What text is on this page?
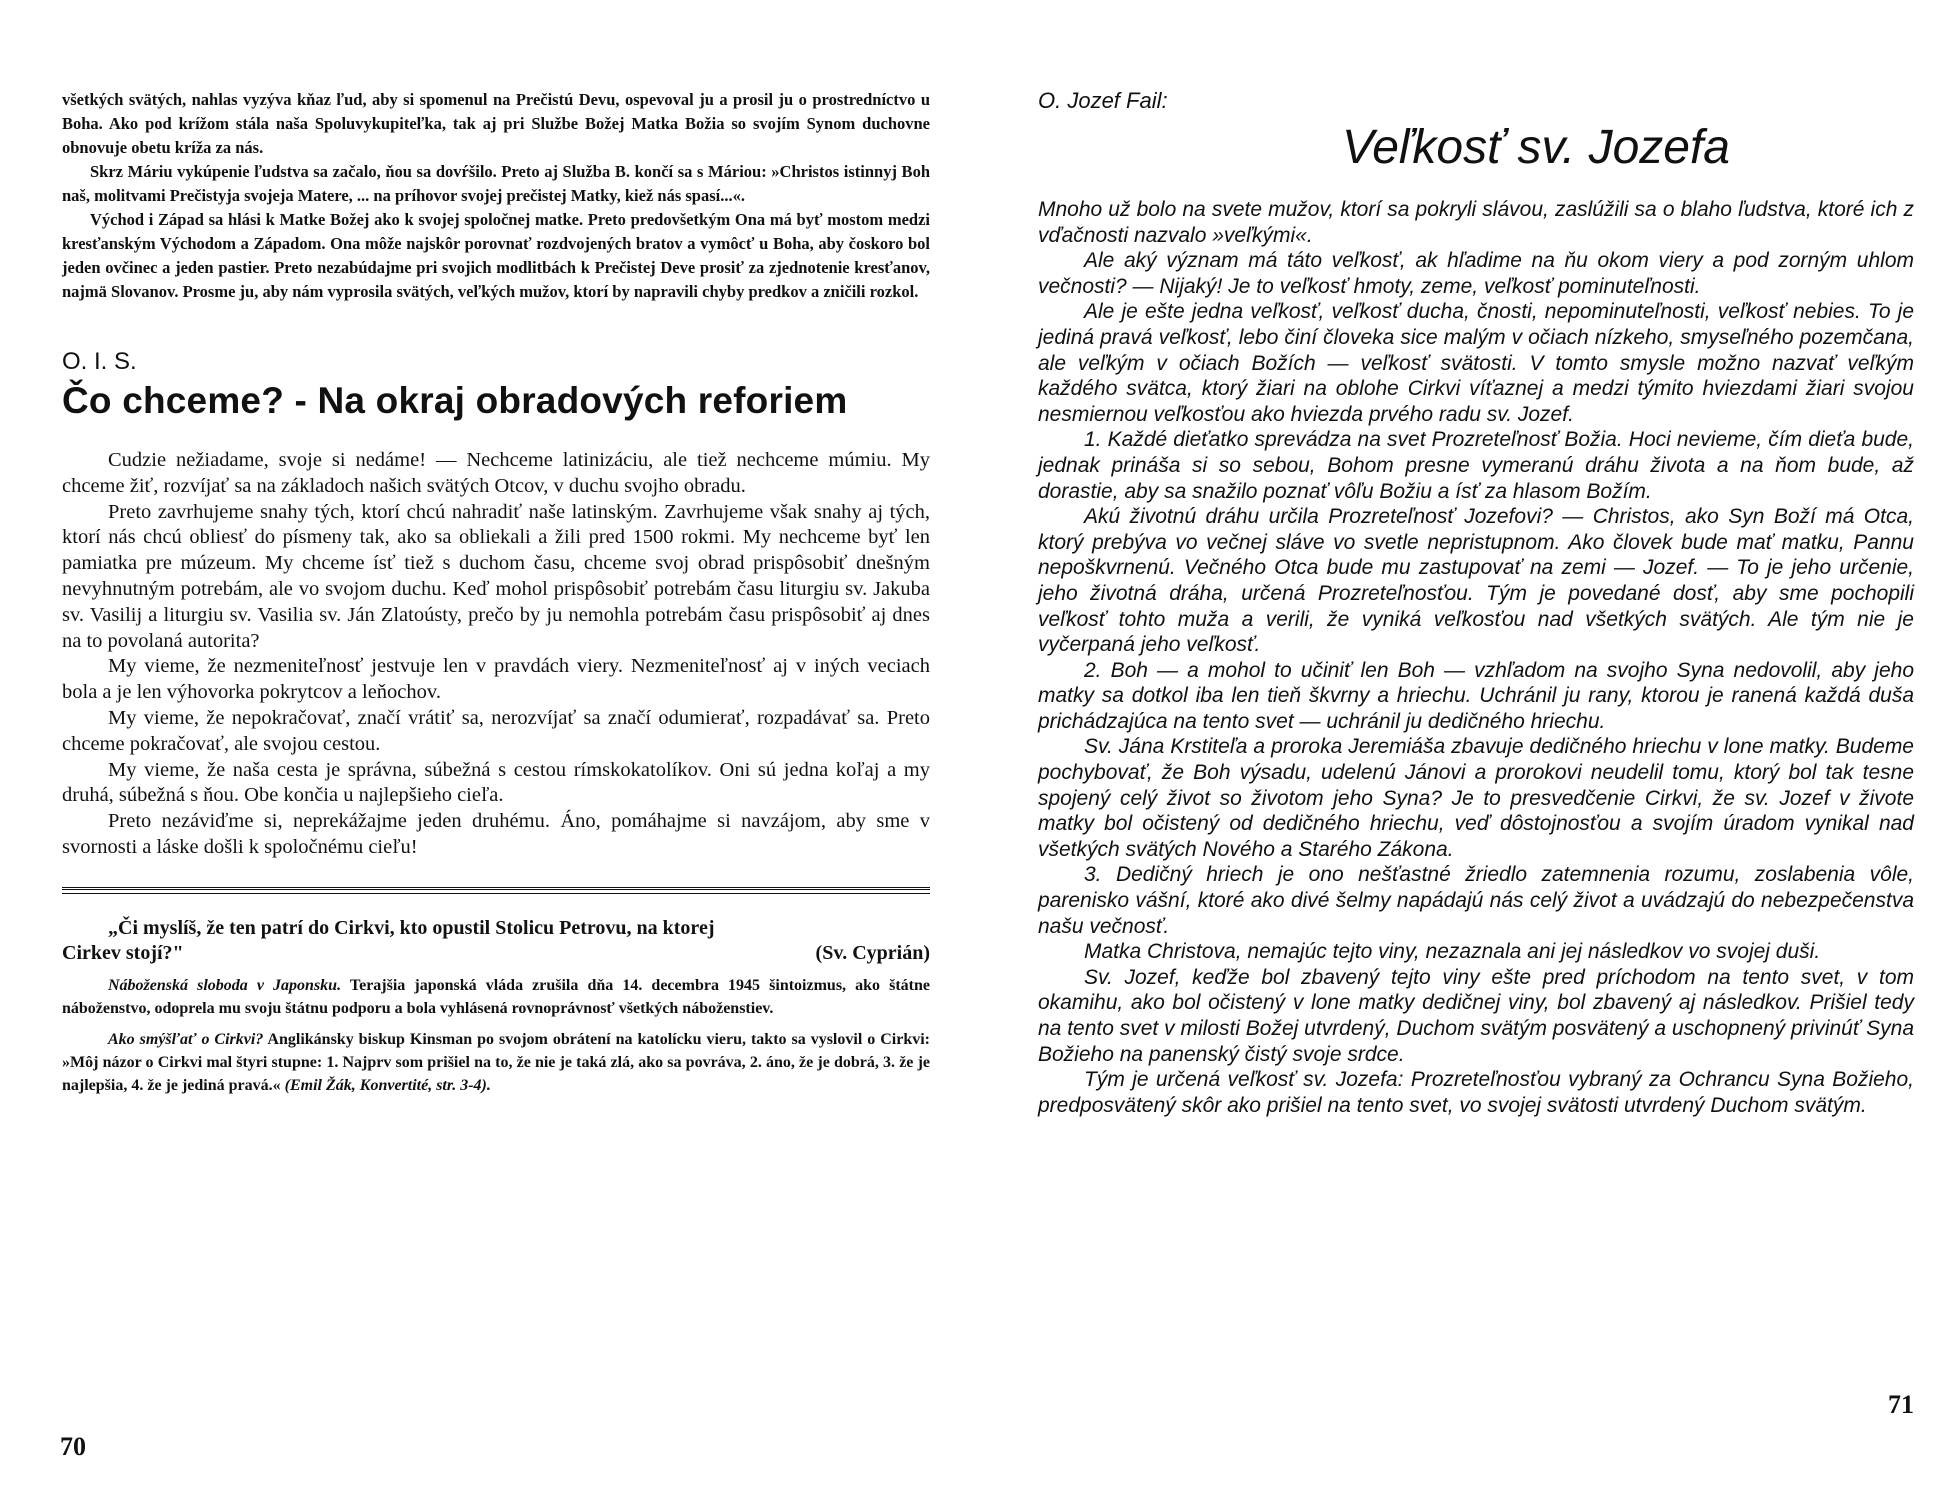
všetkých svätých, nahlas vyzýva kňaz ľud, aby si spomenul na Prečistú Devu, ospevoval ju a prosil ju o prostredníctvo u Boha. Ako pod krížom stála naša Spoluvykupiteľka, tak aj pri Službe Božej Matka Božia so svojím Synom duchovne obnovuje obetu kríža za nás.

Skrz Máriu vykúpenie ľudstva sa začalo, ňou sa dovŕšilo. Preto aj Služba B. končí sa s Máriou: »Christos istinnyj Boh naš, molitvami Prečistyja svojeja Matere, ... na príhovor svojej prečistej Matky, kiež nás spasí...«.

Východ i Západ sa hlási k Matke Božej ako k svojej spoločnej matke. Preto predovšetkým Ona má byť mostom medzi kresťanským Východom a Západom. Ona môže najskôr porovnať rozdvojených bratov a vymôcť u Boha, aby čoskoro bol jeden ovčinec a jeden pastier. Preto nezabúdajme pri svojich modlitbách k Prečistej Deve prosiť za zjednotenie kresťanov, najmä Slovanov. Prosme ju, aby nám vyprosila svätých, veľkých mužov, ktorí by napravili chyby predkov a zničili rozkol.

O. I. S.
Čo chceme? - Na okraj obradových reforiem

Cudzie nežiadame, svoje si nedáme! — Nechceme latinizáciu, ale tiež nechceme múmiu. My chceme žiť, rozvíjať sa na základoch našich svätých Otcov, v duchu svojho obradu.

Preto zavrhujeme snahy tých, ktorí chcú nahradiť naše latinským. Zavrhujeme však snahy aj tých, ktorí nás chcú obliesť do písmeny tak, ako sa obliekali a žili pred 1500 rokmi. My nechceme byť len pamiatka pre múzeum. My chceme ísť tiež s duchom času, chceme svoj obrad prispôsobiť dnešným nevyhnutným potrebám, ale vo svojom duchu. Keď mohol prispôsobiť potrebám času liturgiu sv. Jakuba sv. Vasilij a liturgiu sv. Vasilia sv. Ján Zlatoústy, prečo by ju nemohla potrebám času prispôsobiť aj dnes na to povolaná autorita?

My vieme, že nezmeniteľnosť jestvuje len v pravdách viery. Nezmeniteľnosť aj v iných veciach bola a je len výhovorka pokrytcov a leňochov.

My vieme, že nepokračovať, značí vrátiť sa, nerozvíjať sa značí odumierať, rozpadávať sa. Preto chceme pokračovať, ale svojou cestou.

My vieme, že naša cesta je správna, súbežná s cestou rímskokatolíkov. Oni sú jedna koľaj a my druhá, súbežná s ňou. Obe končia u najlepšieho cieľa.

Preto nezáviďme si, neprekážajme jeden druhému. Áno, pomáhajme si navzájom, aby sme v svornosti a láske došli k spoločnému cieľu!

„Či myslíš, že ten patrí do Cirkvi, kto opustil Stolicu Petrovu, na ktorej

Cirkev stojí?"	(Sv. Cyprián)

Náboženská sloboda v Japonsku. Terajšia japonská vláda zrušila dňa 14. decembra 1945 šintoizmus, ako štátne náboženstvo, odoprela mu svoju štátnu podporu a bola vyhlásená rovnoprávnosť všetkých náboženstiev.

Ako smýšľať o Cirkvi? Anglikánsky biskup Kinsman po svojom obrátení na katolícku vieru, takto sa vyslovil o Cirkvi: »Môj názor o Cirkvi mal štyri stupne: 1. Najprv som prišiel na to, že nie je taká zlá, ako sa povráva, 2. áno, že je dobrá, 3. že je najlepšia, 4. že je jediná pravá.« (Emil Žák, Konvertité, str. 3-4).

70

O. Jozef Fail:

Veľkosť sv. Jozefa

Mnoho už bolo na svete mužov, ktorí sa pokryli slávou, zaslúžili sa o blaho ľudstva, ktoré ich z vďačnosti nazvalo »veľkými«.

Ale aký význam má táto veľkosť, ak hľadime na ňu okom viery a pod zorným uhlom večnosti? — Nijaký! Je to veľkosť hmoty, zeme, veľkosť pominuteľnosti.

Ale je ešte jedna veľkosť, veľkosť ducha, čnosti, nepominuteľnosti, veľkosť nebies. To je jediná pravá veľkosť, lebo činí človeka sice malým v očiach nízkeho, smyseľného pozemčana, ale veľkým v očiach Božích — veľkosť svätosti. V tomto smysle možno nazvať veľkým každého svätca, ktorý žiari na oblohe Cirkvi víťaznej a medzi týmito hviezdami žiari svojou nesmiernou veľkosťou ako hviezda prvého radu sv. Jozef.

1. Každé dieťatko sprevádza na svet Prozreteľnosť Božia. Hoci nevieme, čím dieťa bude, jednak prináša si so sebou, Bohom presne vymeranú dráhu života a na ňom bude, až dorastie, aby sa snažilo poznať vôľu Božiu a ísť za hlasom Božím.

Akú životnú dráhu určila Prozreteľnosť Jozefovi? — Christos, ako Syn Boží má Otca, ktorý prebýva vo večnej sláve vo svetle nepristupnom. Ako človek bude mať matku, Pannu nepoškvrnenú. Večného Otca bude mu zastupovať na zemi — Jozef. — To je jeho určenie, jeho životná dráha, určená Prozreteľnosťou. Tým je povedané dosť, aby sme pochopili veľkosť tohto muža a verili, že vyniká veľkosťou nad všetkých svätých. Ale tým nie je vyčerpaná jeho veľkosť.

2. Boh — a mohol to učiniť len Boh — vzhľadom na svojho Syna nedovolil, aby jeho matky sa dotkol iba len tieň škvrny a hriechu. Uchránil ju rany, ktorou je ranená každá duša prichádzajúca na tento svet — uchránil ju dedičného hriechu.

Sv. Jána Krstiteľa a proroka Jeremiáša zbavuje dedičného hriechu v lone matky. Budeme pochybovať, že Boh výsadu, udelenú Jánovi a prorokovi neudelil tomu, ktorý bol tak tesne spojený celý život so životom jeho Syna? Je to presvedčenie Cirkvi, že sv. Jozef v živote matky bol očistený od dedičného hriechu, veď dôstojnosťou a svojím úradom vynikal nad všetkých svätých Nového a Starého Zákona.

3. Dedičný hriech je ono nešťastné žriedlo zatemnenia rozumu, zoslabenia vôle, parenisko vášní, ktoré ako divé šelmy napádajú nás celý život a uvádzajú do nebezpečenstva našu večnosť.

Matka Christova, nemajúc tejto viny, nezaznala ani jej následkov vo svojej duši.

Sv. Jozef, keďže bol zbavený tejto viny ešte pred príchodom na tento svet, v tom okamihu, ako bol očistený v lone matky dedičnej viny, bol zbavený aj následkov. Prišiel tedy na tento svet v milosti Božej utvrdený, Duchom svätým posvätený a uschopnený privinúť Syna Božieho na panenský čistý svoje srdce.

Tým je určená veľkosť sv. Jozefa: Prozreteľnosťou vybraný za Ochrancu Syna Božieho, predposvätený skôr ako prišiel na tento svet, vo svojej svätosti utvrdený Duchom svätým.

71
